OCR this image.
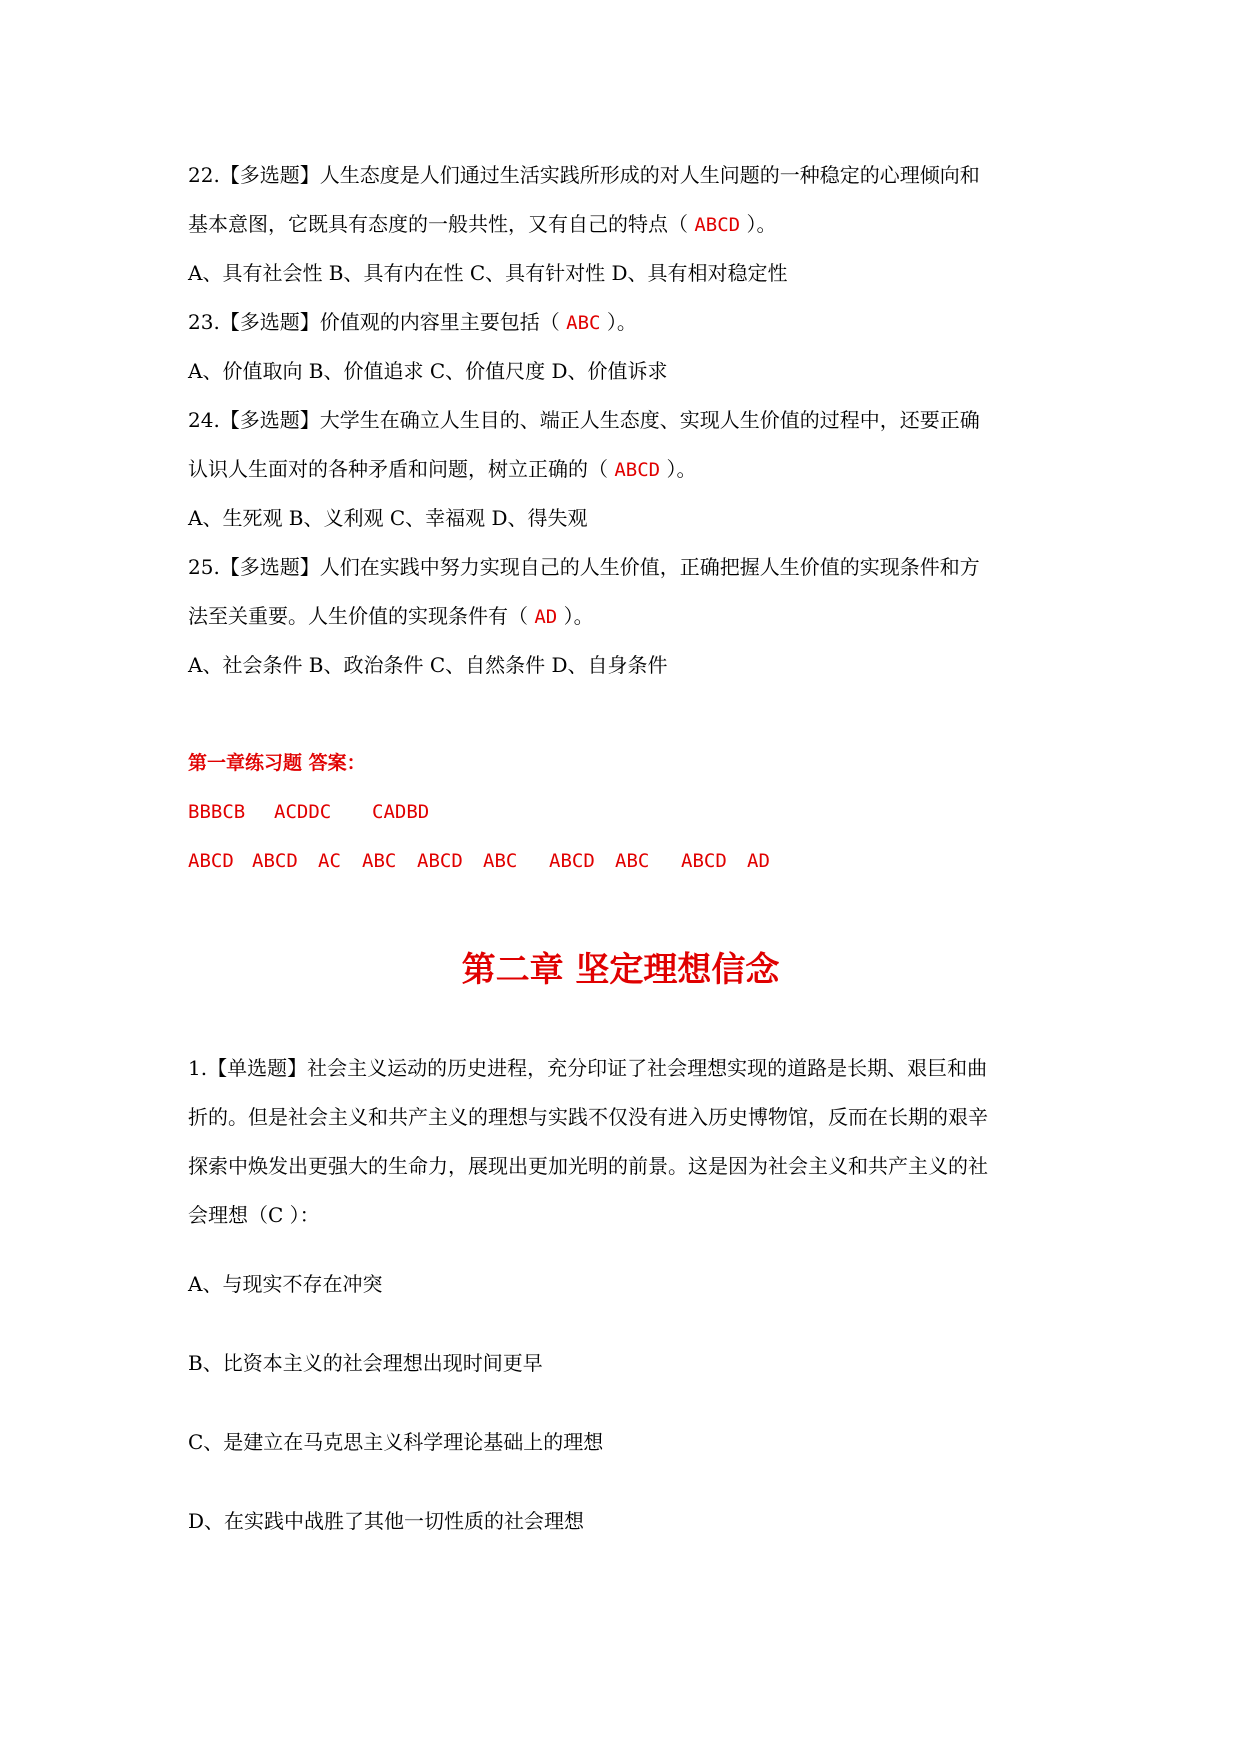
22.【多选题】人生态度是人们通过生活实践所形成的对人生问题的一种稳定的心理倾向和
基本意图，它既具有态度的一般共性，又有自己的特点（ ABCD ）。
A、具有社会性 B、具有内在性 C、具有针对性 D、具有相对稳定性
23.【多选题】价值观的内容里主要包括（ ABC ）。
A、价值取向 B、价值追求 C、价值尺度 D、价值诉求
24.【多选题】大学生在确立人生目的、端正人生态度、实现人生价值的过程中，还要正确
认识人生面对的各种矛盾和问题，树立正确的（ ABCD ）。
A、生死观 B、义利观 C、幸福观 D、得失观
25.【多选题】人们在实践中努力实现自己的人生价值，正确把握人生价值的实现条件和方
法至关重要。人生价值的实现条件有（ AD ）。
A、社会条件 B、政治条件 C、自然条件 D、自身条件
第一章练习题 答案：
BBBCB ACDDC CADBD
ABCD ABCD AC ABC ABCD ABC ABCD ABC ABCD AD
第二章 坚定理想信念
1.【单选题】社会主义运动的历史进程，充分印证了社会理想实现的道路是长期、艰巨和曲
折的。但是社会主义和共产主义的理想与实践不仅没有进入历史博物馆，反而在长期的艰辛
探索中焕发出更强大的生命力，展现出更加光明的前景。这是因为社会主义和共产主义的社
会理想（C ）：
A、与现实不存在冲突
B、比资本主义的社会理想出现时间更早
C、是建立在马克思主义科学理论基础上的理想
D、在实践中战胜了其他一切性质的社会理想
